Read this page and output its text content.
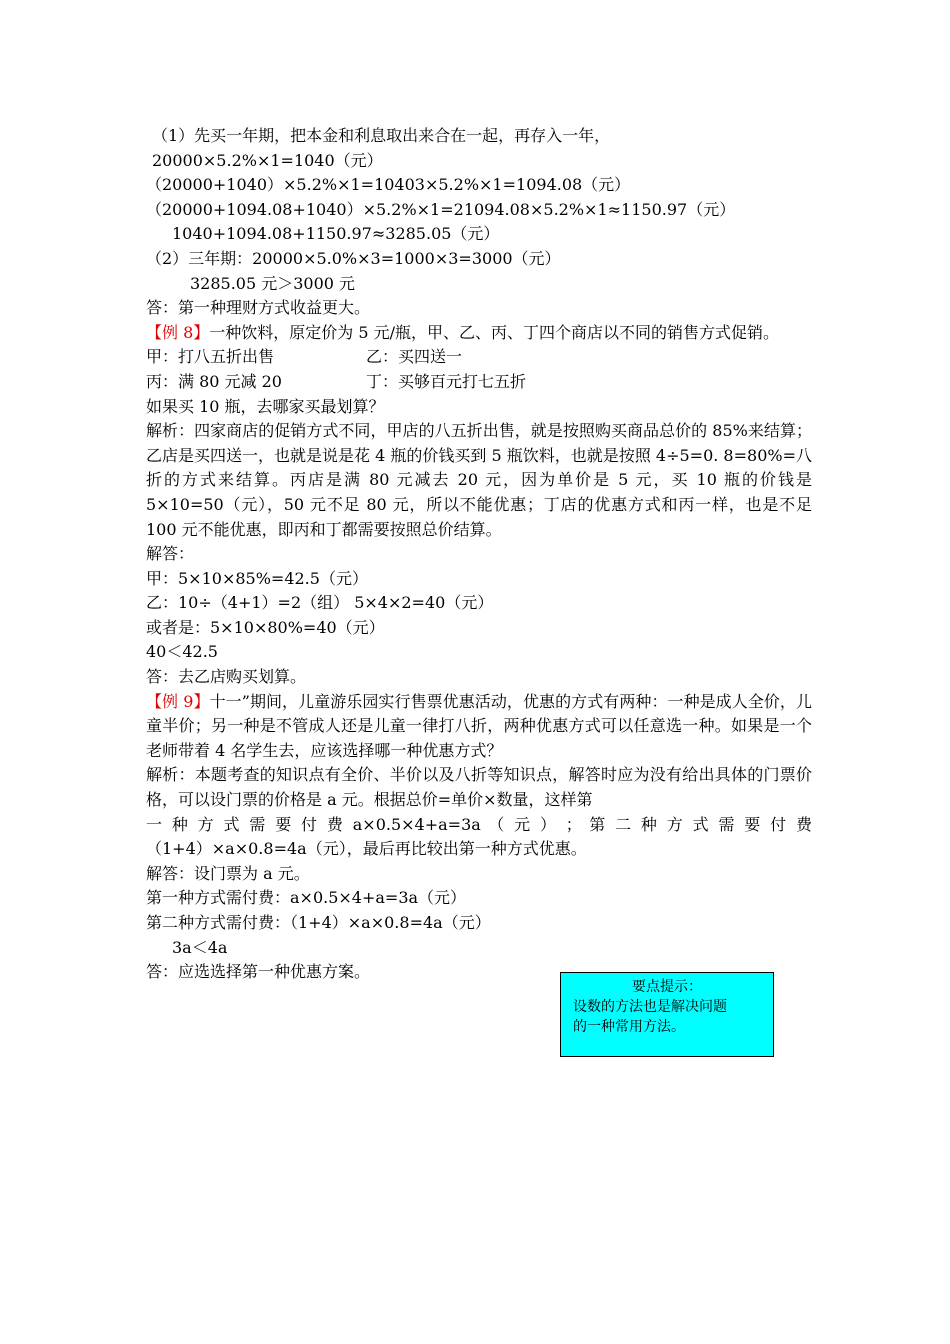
（1）先买一年期，把本金和利息取出来合在一起，再存入一年，
20000×5.2%×1=1040（元）
（20000+1040）×5.2%×1=10403×5.2%×1=1094.08（元）
（20000+1094.08+1040）×5.2%×1=21094.08×5.2%×1≈1150.97（元）
1040+1094.08+1150.97≈3285.05（元）
（2）三年期：20000×5.0%×3=1000×3=3000（元）
3285.05 元＞3000 元
答：第一种理财方式收益更大。
【例 8】一种饮料，原定价为 5 元/瓶，甲、乙、丙、丁四个商店以不同的销售方式促销。
甲：打八五折出售	乙：买四送一
丙：满 80 元减 20	丁：买够百元打七五折
如果买 10 瓶，去哪家买最划算？
解析：四家商店的促销方式不同，甲店的八五折出售，就是按照购买商品总价的 85%来结算；乙店是买四送一，也就是说是花 4 瓶的价钱买到 5 瓶饮料，也就是按照 4÷5=0. 8=80%=八折的方式来结算。丙店是满 80 元减去 20 元，因为单价是 5 元，买 10 瓶的价钱是 5×10=50（元），50 元不足 80 元，所以不能优惠；丁店的优惠方式和丙一样，也是不足 100 元不能优惠，即丙和丁都需要按照总价结算。
解答：
甲：5×10×85%=42.5（元）
乙：10÷（4+1）=2（组） 5×4×2=40（元）
或者是：5×10×80%=40（元）
40＜42.5
答：去乙店购买划算。
【例 9】十一”期间，儿童游乐园实行售票优惠活动，优惠的方式有两种：一种是成人全价，儿童半价；另一种是不管成人还是儿童一律打八折，两种优惠方式可以任意选一种。如果是一个老师带着 4 名学生去，应该选择哪一种优惠方式？
解析：本题考查的知识点有全价、半价以及八折等知识点，解答时应为没有给出具体的门票价格，可以设门票的价格是 a 元。根据总价=单价×数量，这样第
一 种 方 式 需 要 付 费 a×0.5×4+a=3a （ 元 ） ； 第 二 种 方 式 需 要 付 费
（1+4）×a×0.8=4a（元），最后再比较出第一种方式优惠。
解答：设门票为 a 元。
第一种方式需付费：a×0.5×4+a=3a（元）
第二种方式需付费：（1+4）×a×0.8=4a（元）
3a＜4a
答：应选选择第一种优惠方案。
要点提示：
设数的方法也是解决问题
的一种常用方法。
